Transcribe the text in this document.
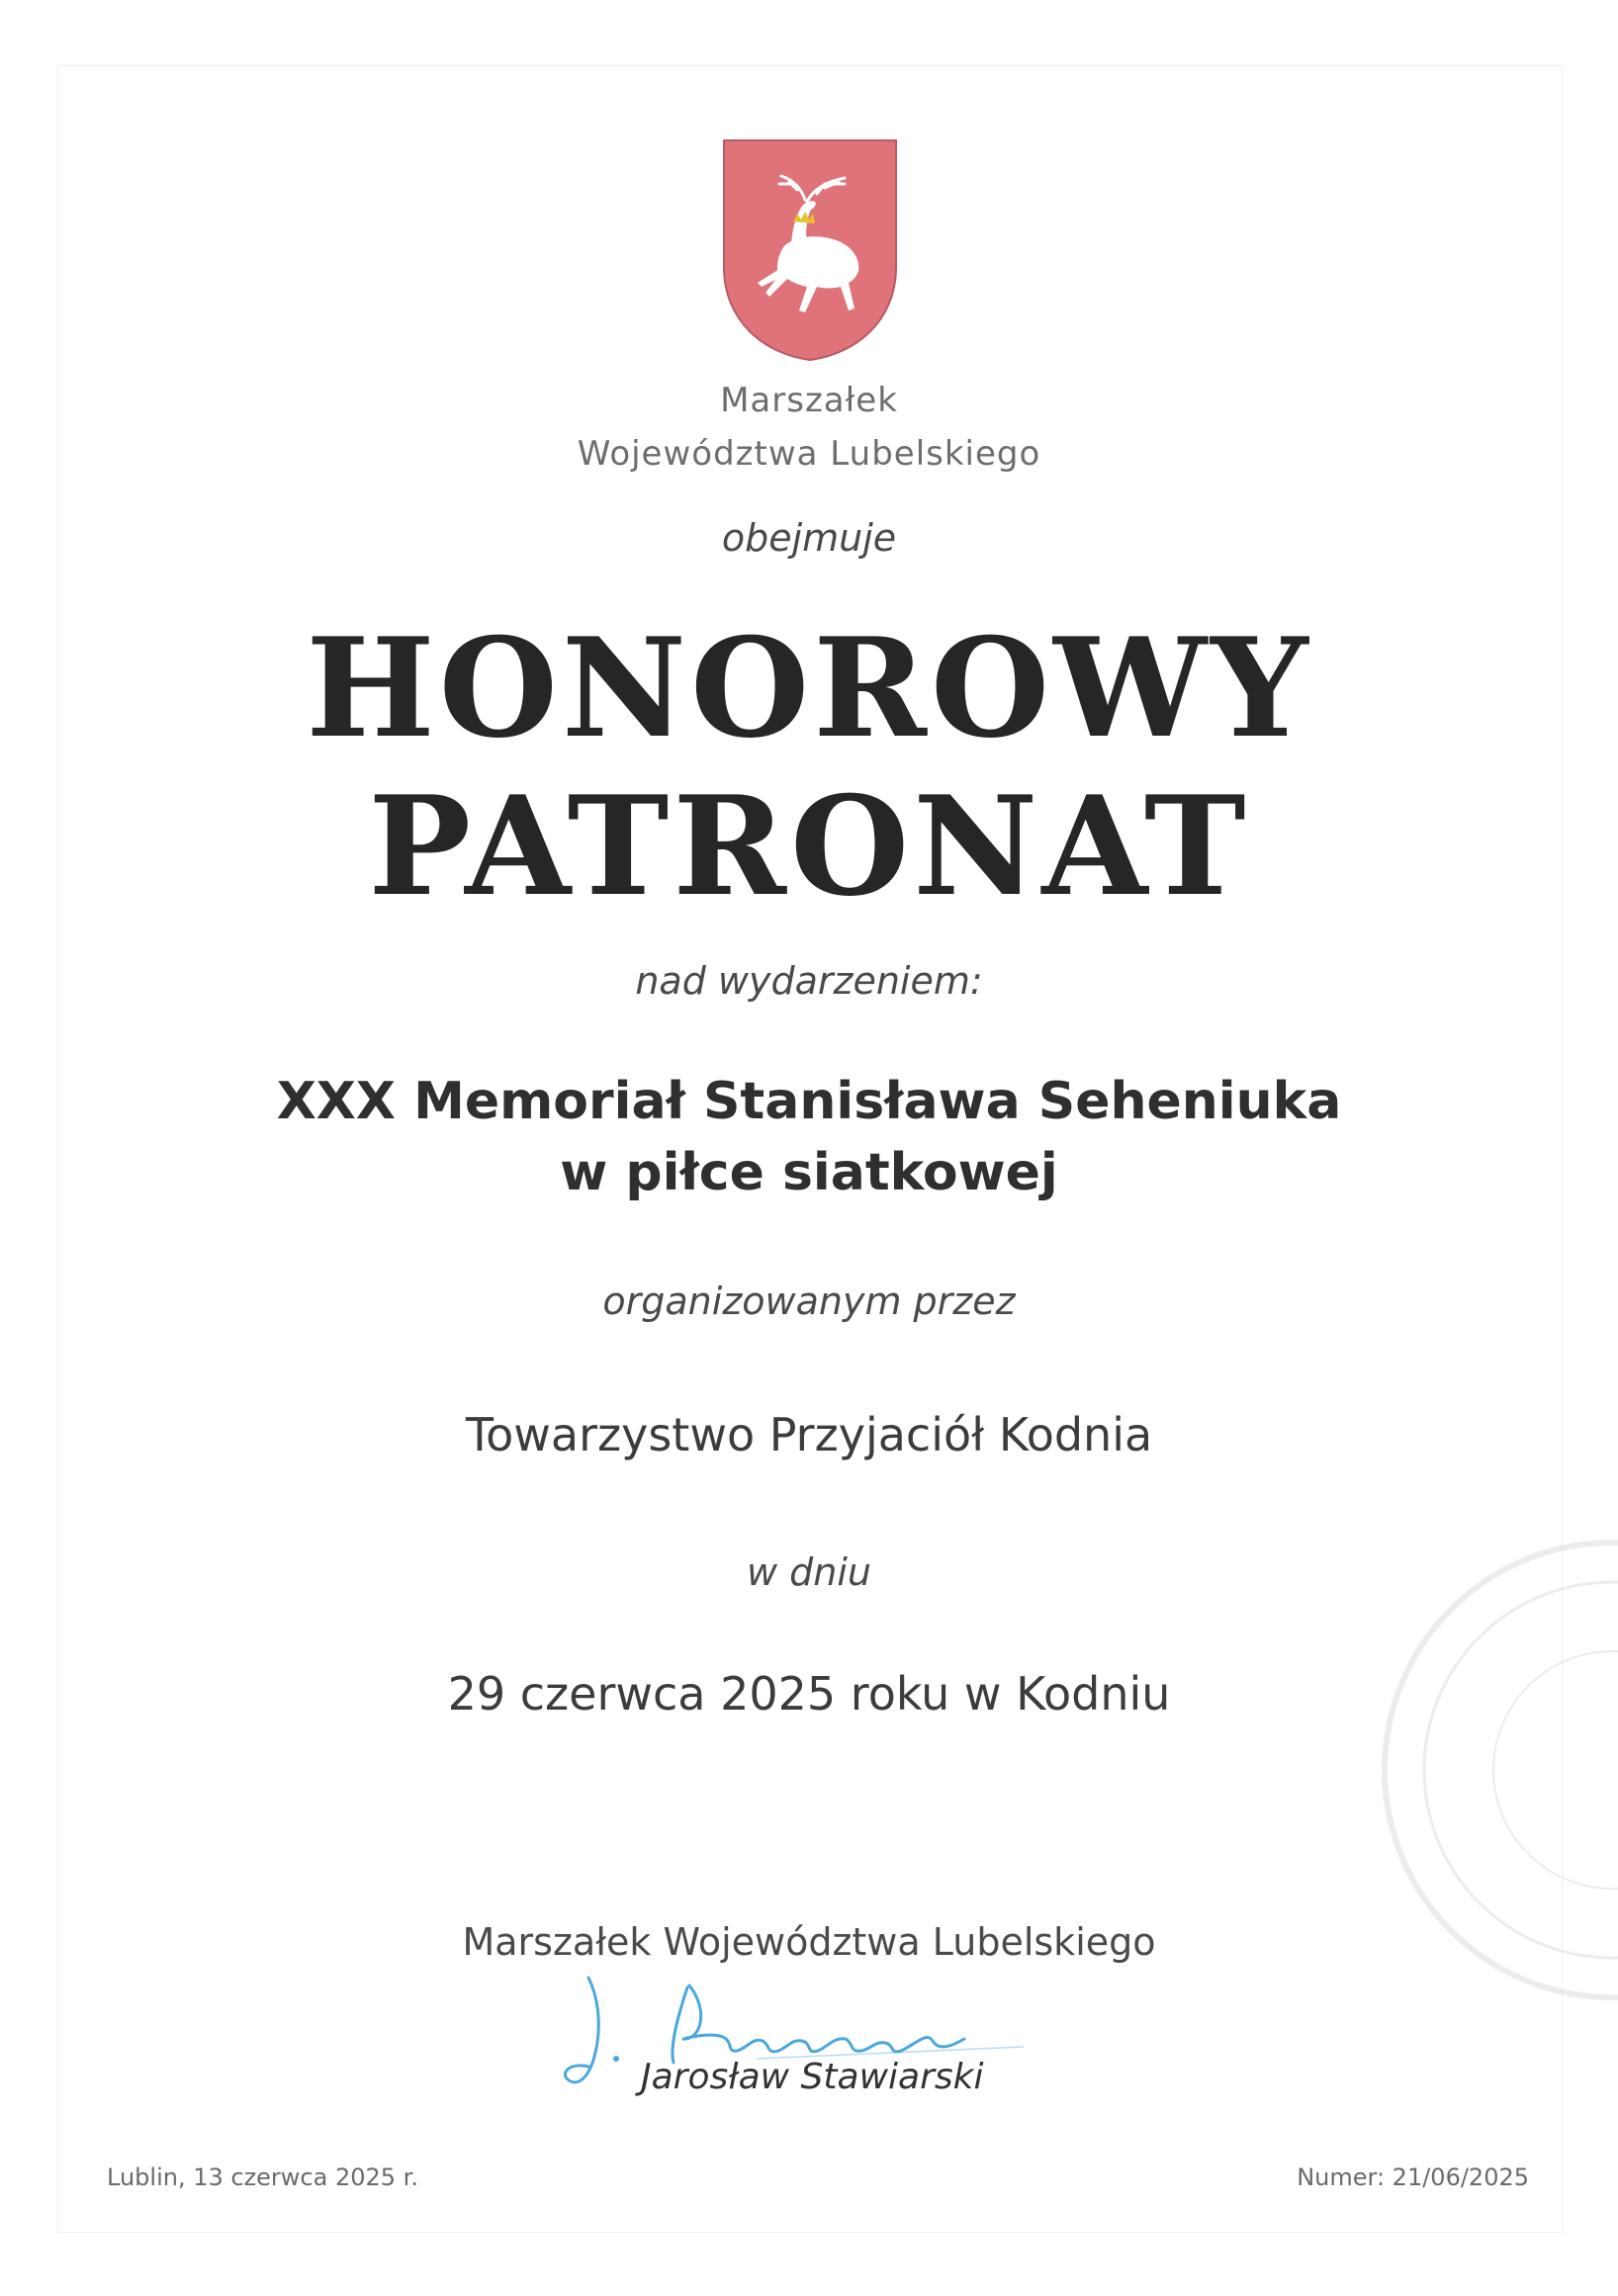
Marszałek
Województwa Lubelskiego
obejmuje
HONOROWY
PATRONAT
nad wydarzeniem:
XXX Memoriał Stanisława Seheniuka
w piłce siatkowej
organizowanym przez
Towarzystwo Przyjaciół Kodnia
w dniu
29 czerwca 2025 roku w Kodniu
Marszałek Województwa Lubelskiego
Jarosław Stawiarski
Lublin, 13 czerwca 2025 r.	Numer: 21/06/2025
